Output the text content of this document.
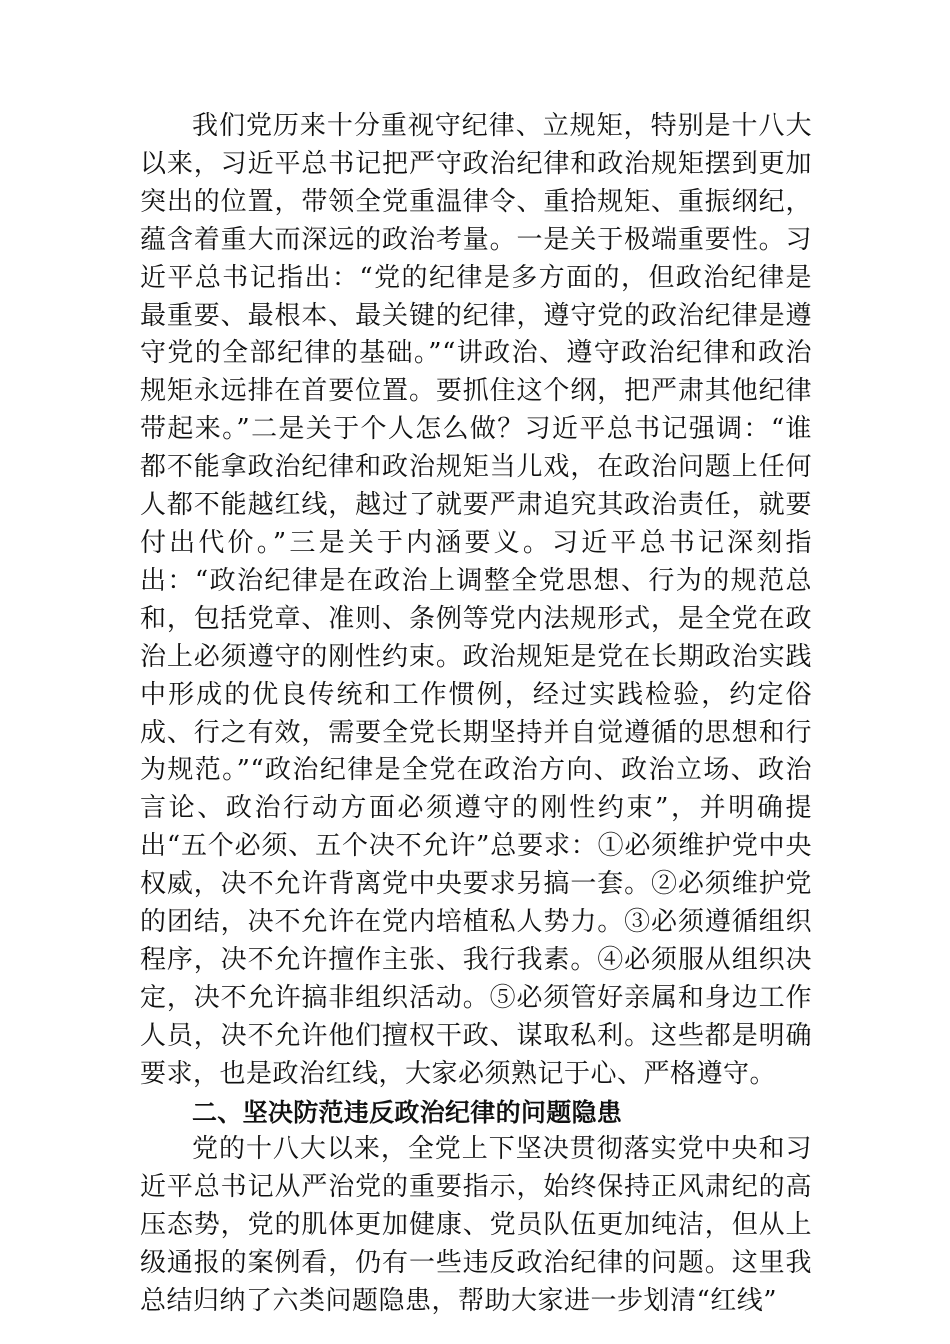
我们党历来十分重视守纪律、立规矩，特别是十八大以来，习近平总书记把严守政治纪律和政治规矩摆到更加突出的位置，带领全党重温律令、重拾规矩、重振纲纪，蕴含着重大而深远的政治考量。一是关于极端重要性。习近平总书记指出：“党的纪律是多方面的，但政治纪律是最重要、最根本、最关键的纪律，遵守党的政治纪律是遵守党的全部纪律的基础。”“讲政治、遵守政治纪律和政治规矩永远排在首要位置。要抓住这个纲，把严肃其他纪律带起来。”二是关于个人怎么做？习近平总书记强调：“谁都不能拿政治纪律和政治规矩当儿戏，在政治问题上任何人都不能越红线，越过了就要严肃追究其政治责任，就要付出代价。”三是关于内涵要义。习近平总书记深刻指出：“政治纪律是在政治上调整全党思想、行为的规范总和，包括党章、准则、条例等党内法规形式，是全党在政治上必须遵守的刚性约束。政治规矩是党在长期政治实践中形成的优良传统和工作惯例，经过实践检验，约定俗成、行之有效，需要全党长期坚持并自觉遵循的思想和行为规范。”“政治纪律是全党在政治方向、政治立场、政治言论、政治行动方面必须遵守的刚性约束”，并明确提出“五个必须、五个决不允许”总要求：①必须维护党中央权威，决不允许背离党中央要求另搞一套。②必须维护党的团结，决不允许在党内培植私人势力。③必须遵循组织程序，决不允许擅作主张、我行我素。④必须服从组织决定，决不允许搞非组织活动。⑤必须管好亲属和身边工作人员，决不允许他们擅权干政、谋取私利。这些都是明确要求，也是政治红线，大家必须熟记于心、严格遵守。

二、坚决防范违反政治纪律的问题隐患

党的十八大以来，全党上下坚决贯彻落实党中央和习近平总书记从严治党的重要指示，始终保持正风肃纪的高压态势，党的肌体更加健康、党员队伍更加纯洁，但从上级通报的案例看，仍有一些违反政治纪律的问题。这里我总结归纳了六类问题隐患，帮助大家进一步划清“红线”
